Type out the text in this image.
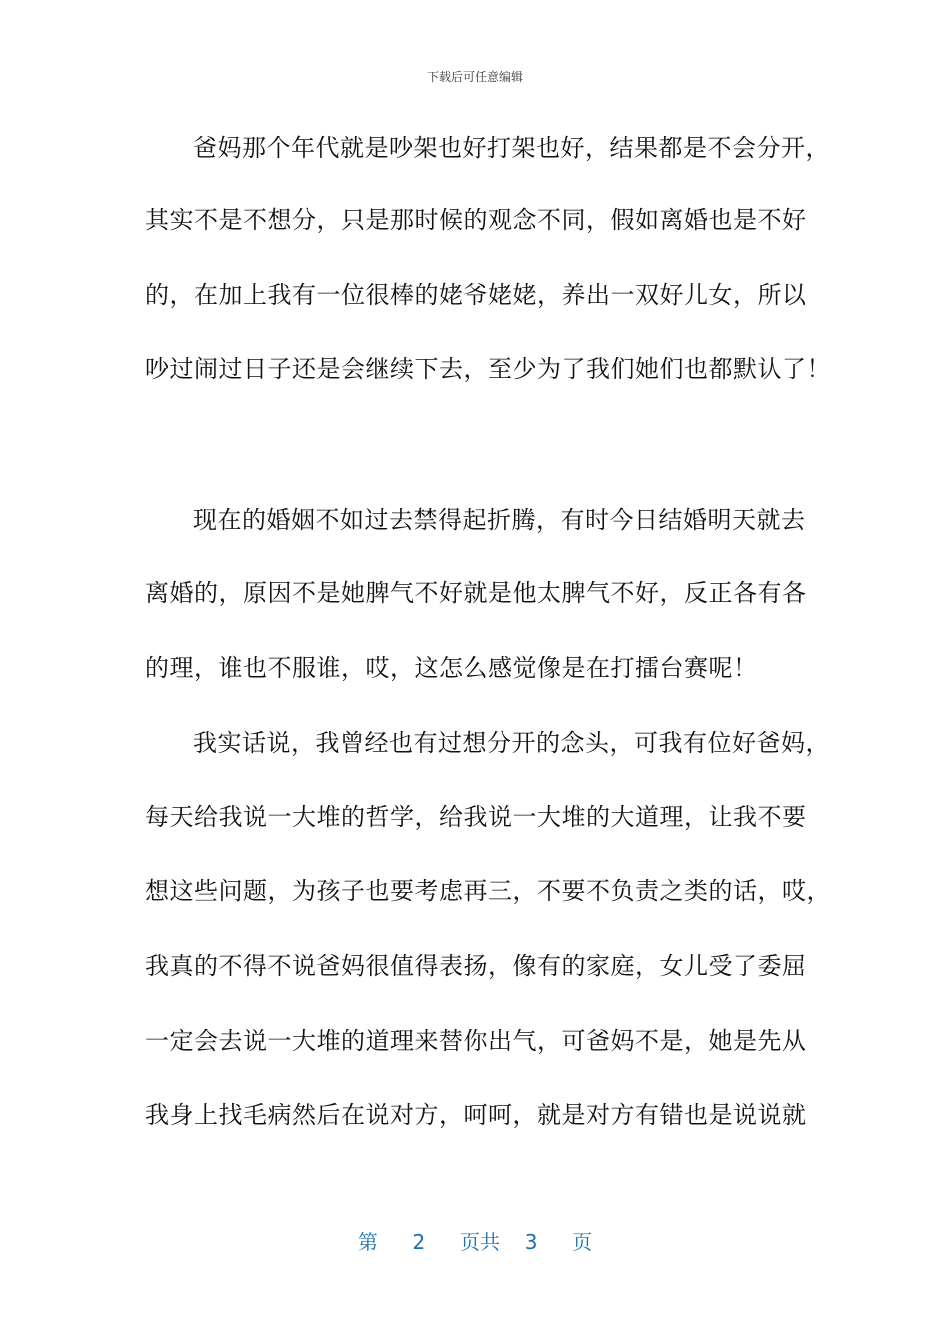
下载后可任意编辑
爸妈那个年代就是吵架也好打架也好，结果都是不会分开，
其实不是不想分，只是那时候的观念不同，假如离婚也是不好
的，在加上我有一位很棒的姥爷姥姥，养出一双好儿女，所以
吵过闹过日子还是会继续下去，至少为了我们她们也都默认了！
现在的婚姻不如过去禁得起折腾，有时今日结婚明天就去
离婚的，原因不是她脾气不好就是他太脾气不好，反正各有各
的理，谁也不服谁，哎，这怎么感觉像是在打擂台赛呢！
我实话说，我曾经也有过想分开的念头，可我有位好爸妈，
每天给我说一大堆的哲学，给我说一大堆的大道理，让我不要
想这些问题，为孩子也要考虑再三，不要不负责之类的话，哎，
我真的不得不说爸妈很值得表扬，像有的家庭，女儿受了委屈
一定会去说一大堆的道理来替你出气，可爸妈不是，她是先从
我身上找毛病然后在说对方，呵呵，就是对方有错也是说说就
第 2 页共 3 页
